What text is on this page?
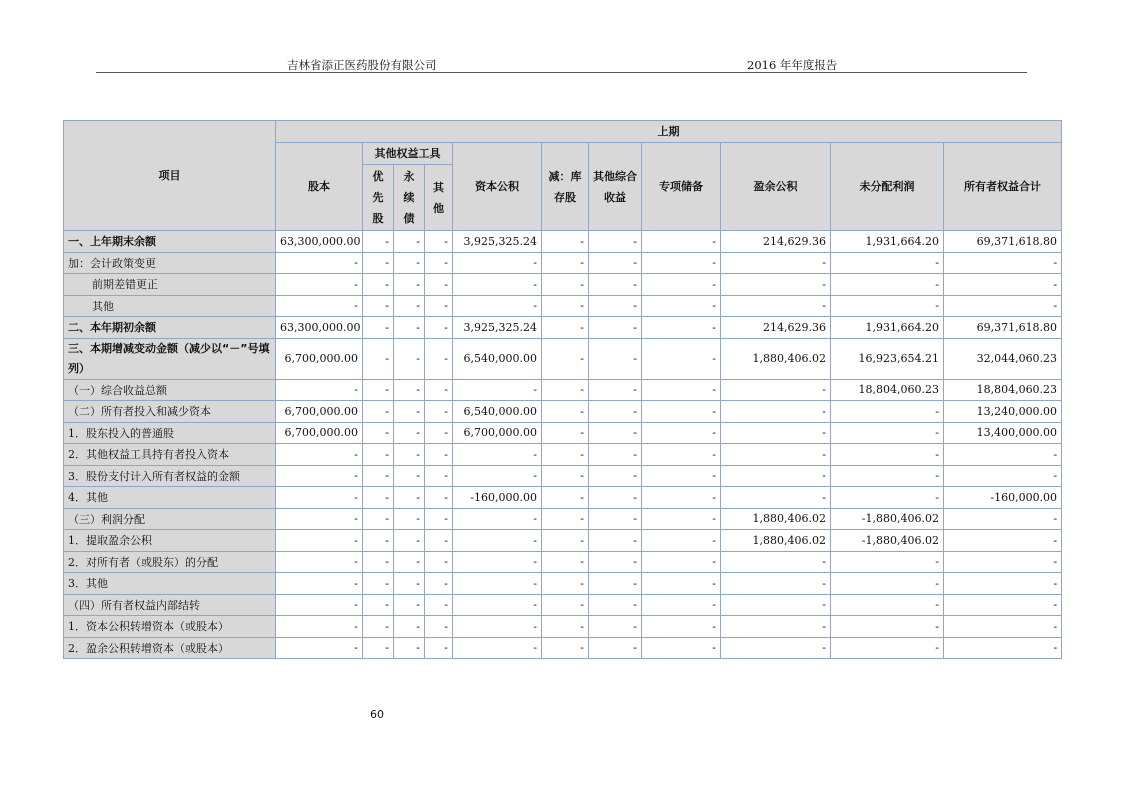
吉林省添正医药股份有限公司	2016 年年度报告
项目	上期										
	股本	其他权益工具			资本公积	减：库存股	其他综合收益	专项储备	盈余公积	未分配利润	所有者权益合计
		优先股	永续债	其他							
一、上年期末余额	63,300,000.00	-	-	-	3,925,325.24	-	-	-	214,629.36	1,931,664.20	69,371,618.80
加：会计政策变更	-	-	-	-	-	-	-	-	-	-	-
前期差错更正	-	-	-	-	-	-	-	-	-	-	-
其他	-	-	-	-	-	-	-	-	-	-	-
二、本年期初余额	63,300,000.00	-	-	-	3,925,325.24	-	-	-	214,629.36	1,931,664.20	69,371,618.80
三、本期增减变动金额（减少以“－”号填列）	6,700,000.00	-	-	-	6,540,000.00	-	-	-	1,880,406.02	16,923,654.21	32,044,060.23
（一）综合收益总额	-	-	-	-	-	-	-	-	-	18,804,060.23	18,804,060.23
（二）所有者投入和减少资本	6,700,000.00	-	-	-	6,540,000.00	-	-	-	-	-	13,240,000.00
1．股东投入的普通股	6,700,000.00	-	-	-	6,700,000.00	-	-	-	-	-	13,400,000.00
2．其他权益工具持有者投入资本	-	-	-	-	-	-	-	-	-	-	-
3．股份支付计入所有者权益的金额	-	-	-	-	-	-	-	-	-	-	-
4．其他	-	-	-	-	-160,000.00	-	-	-	-	-	-160,000.00
（三）利润分配	-	-	-	-	-	-	-	-	1,880,406.02	-1,880,406.02	-
1．提取盈余公积	-	-	-	-	-	-	-	-	1,880,406.02	-1,880,406.02	-
2．对所有者（或股东）的分配	-	-	-	-	-	-	-	-	-	-	-
3．其他	-	-	-	-	-	-	-	-	-	-	-
（四）所有者权益内部结转	-	-	-	-	-	-	-	-	-	-	-
1．资本公积转增资本（或股本）	-	-	-	-	-	-	-	-	-	-	-
2．盈余公积转增资本（或股本）	-	-	-	-	-	-	-	-	-	-	-
60
